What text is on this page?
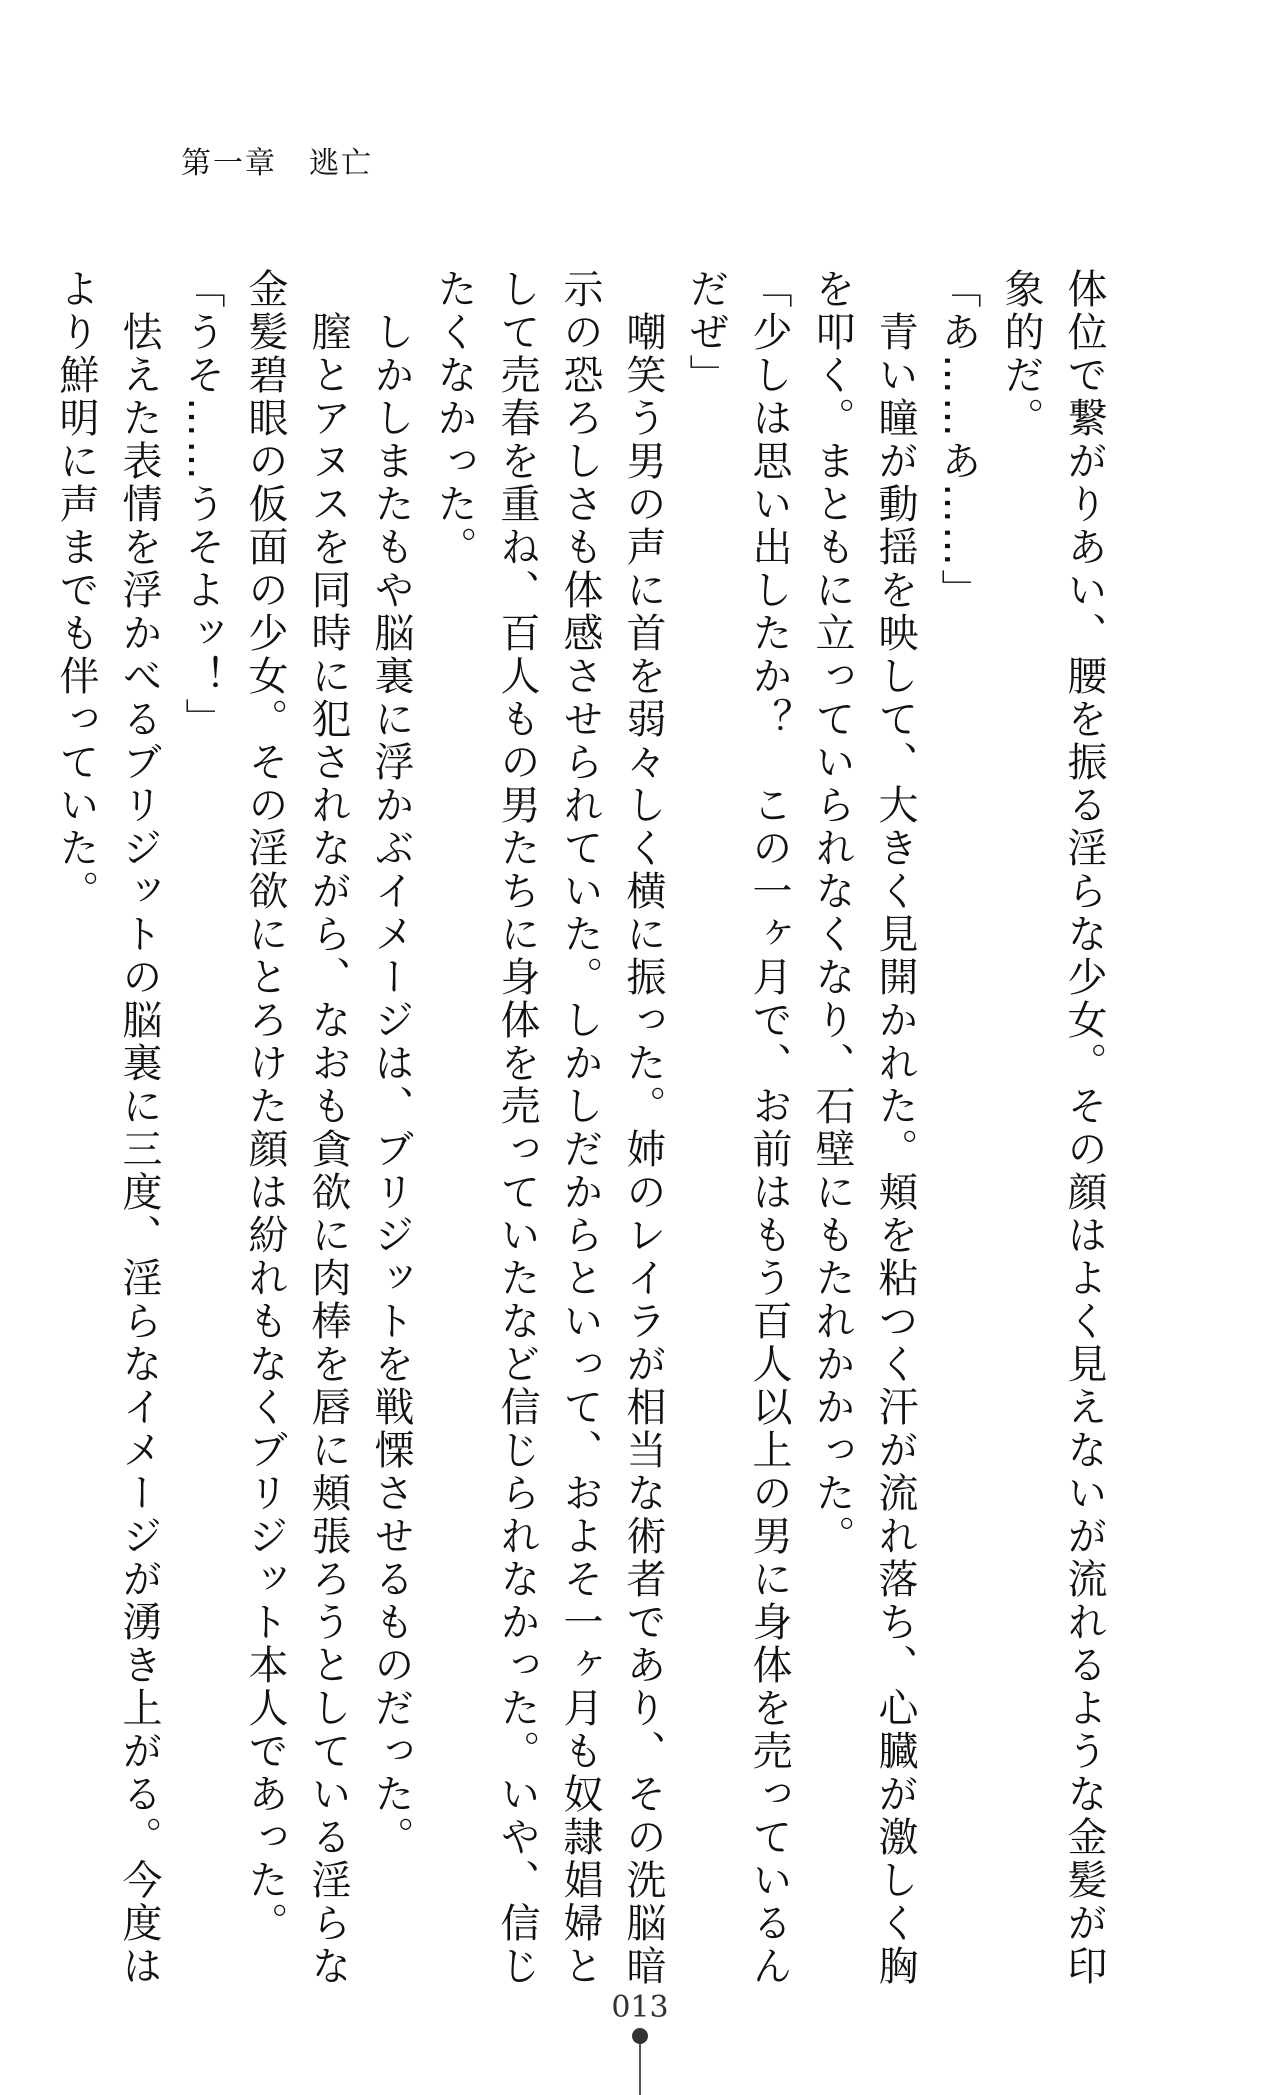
第一章　逃亡
体位で繋がりあい、腰を振る淫らな少女。その顔はよく見えないが流れるような金髪が印
象的だ。
「あ……あ……」
　青い瞳が動揺を映して、大きく見開かれた。頬を粘つく汗が流れ落ち、心臓が激しく胸
を叩く。まともに立っていられなくなり、石壁にもたれかかった。
「少しは思い出したか？　この一ヶ月で、お前はもう百人以上の男に身体を売っているん
だぜ」
　嘲笑う男の声に首を弱々しく横に振った。姉のレイラが相当な術者であり、その洗脳暗
示の恐ろしさも体感させられていた。しかしだからといって、およそ一ヶ月も奴隷娼婦と
して売春を重ね、百人もの男たちに身体を売っていたなど信じられなかった。いや、信じ
たくなかった。
　しかしまたもや脳裏に浮かぶイメージは、ブリジットを戦慄させるものだった。
　膣とアヌスを同時に犯されながら、なおも貪欲に肉棒を唇に頬張ろうとしている淫らな
金髪碧眼の仮面の少女。その淫欲にとろけた顔は紛れもなくブリジット本人であった。
「うそ……うそよッ！」
　怯えた表情を浮かべるブリジットの脳裏に三度、淫らなイメージが湧き上がる。今度は
より鮮明に声までも伴っていた。
013
